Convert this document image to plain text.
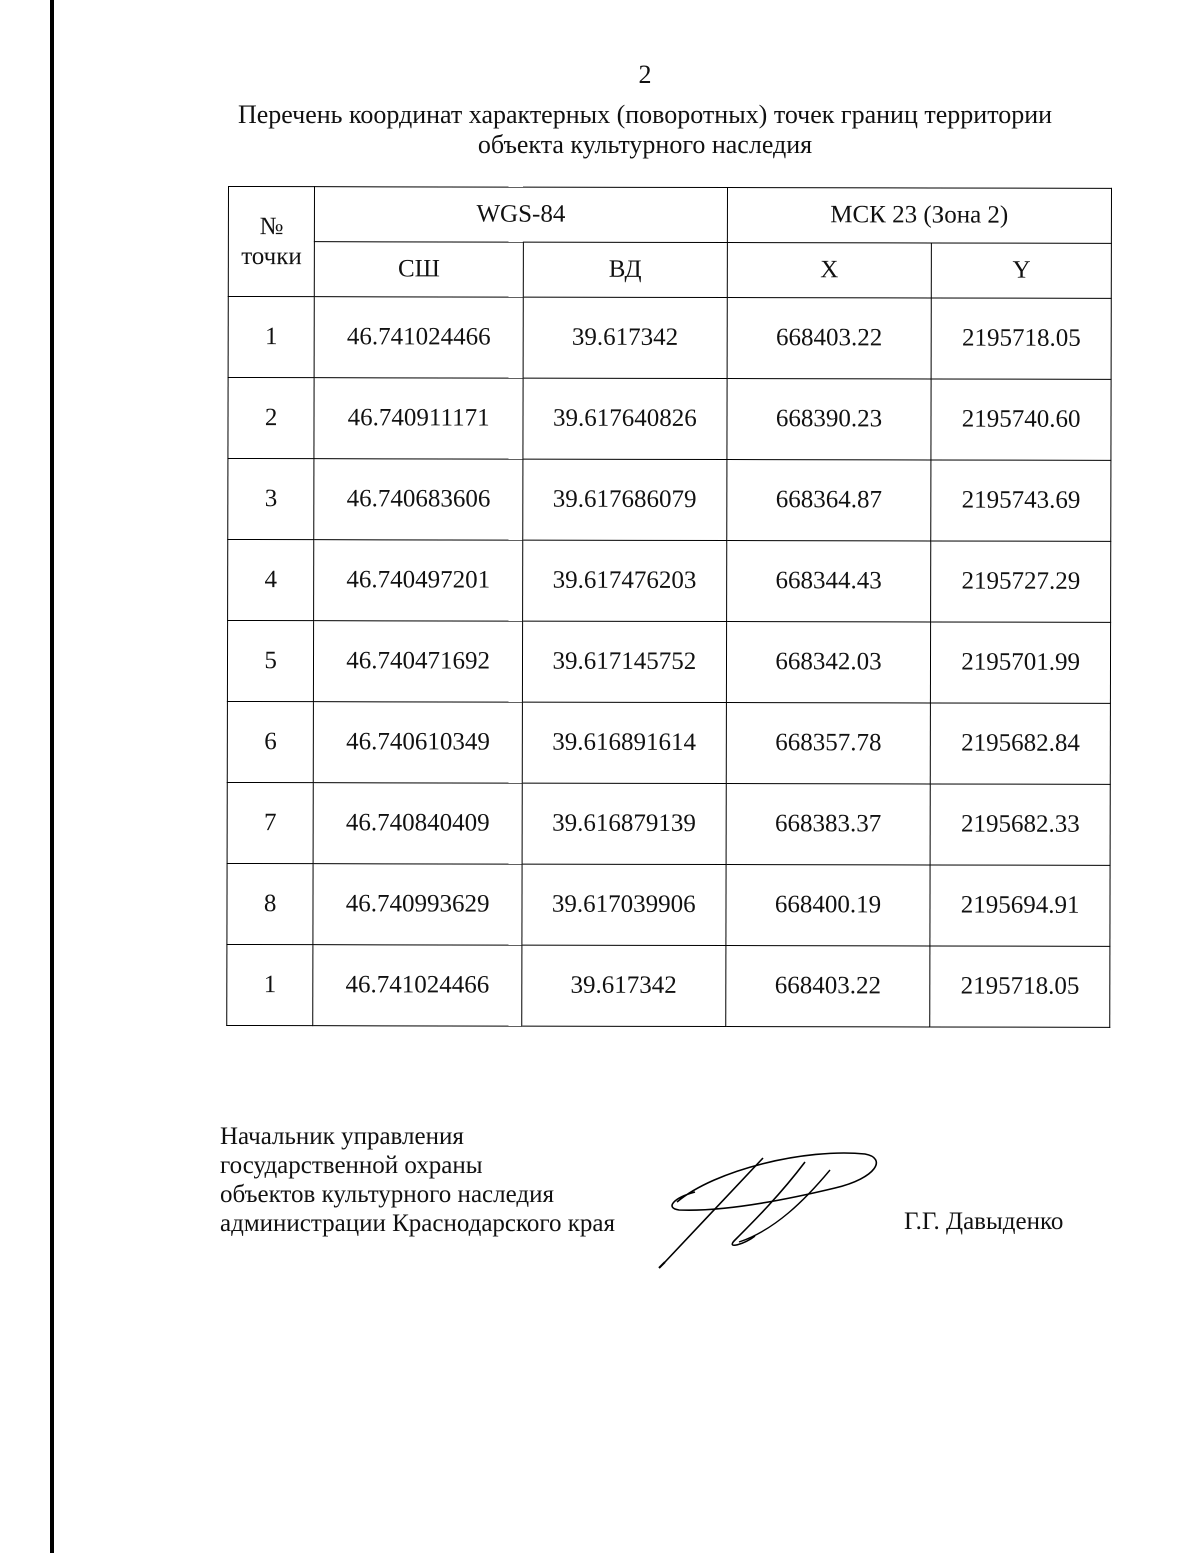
2
Перечень координат характерных (поворотных) точек границ территории
объекта культурного наследия
№
точки	WGS-84		МСК 23 (Зона 2)	
	СШ	ВД	X	Y
1	46.741024466	39.617342	668403.22	2195718.05
2	46.740911171	39.617640826	668390.23	2195740.60
3	46.740683606	39.617686079	668364.87	2195743.69
4	46.740497201	39.617476203	668344.43	2195727.29
5	46.740471692	39.617145752	668342.03	2195701.99
6	46.740610349	39.616891614	668357.78	2195682.84
7	46.740840409	39.616879139	668383.37	2195682.33
8	46.740993629	39.617039906	668400.19	2195694.91
1	46.741024466	39.617342	668403.22	2195718.05
Начальник управления
государственной охраны
объектов культурного наследия
администрации Краснодарского края	Г.Г. Давыденко
